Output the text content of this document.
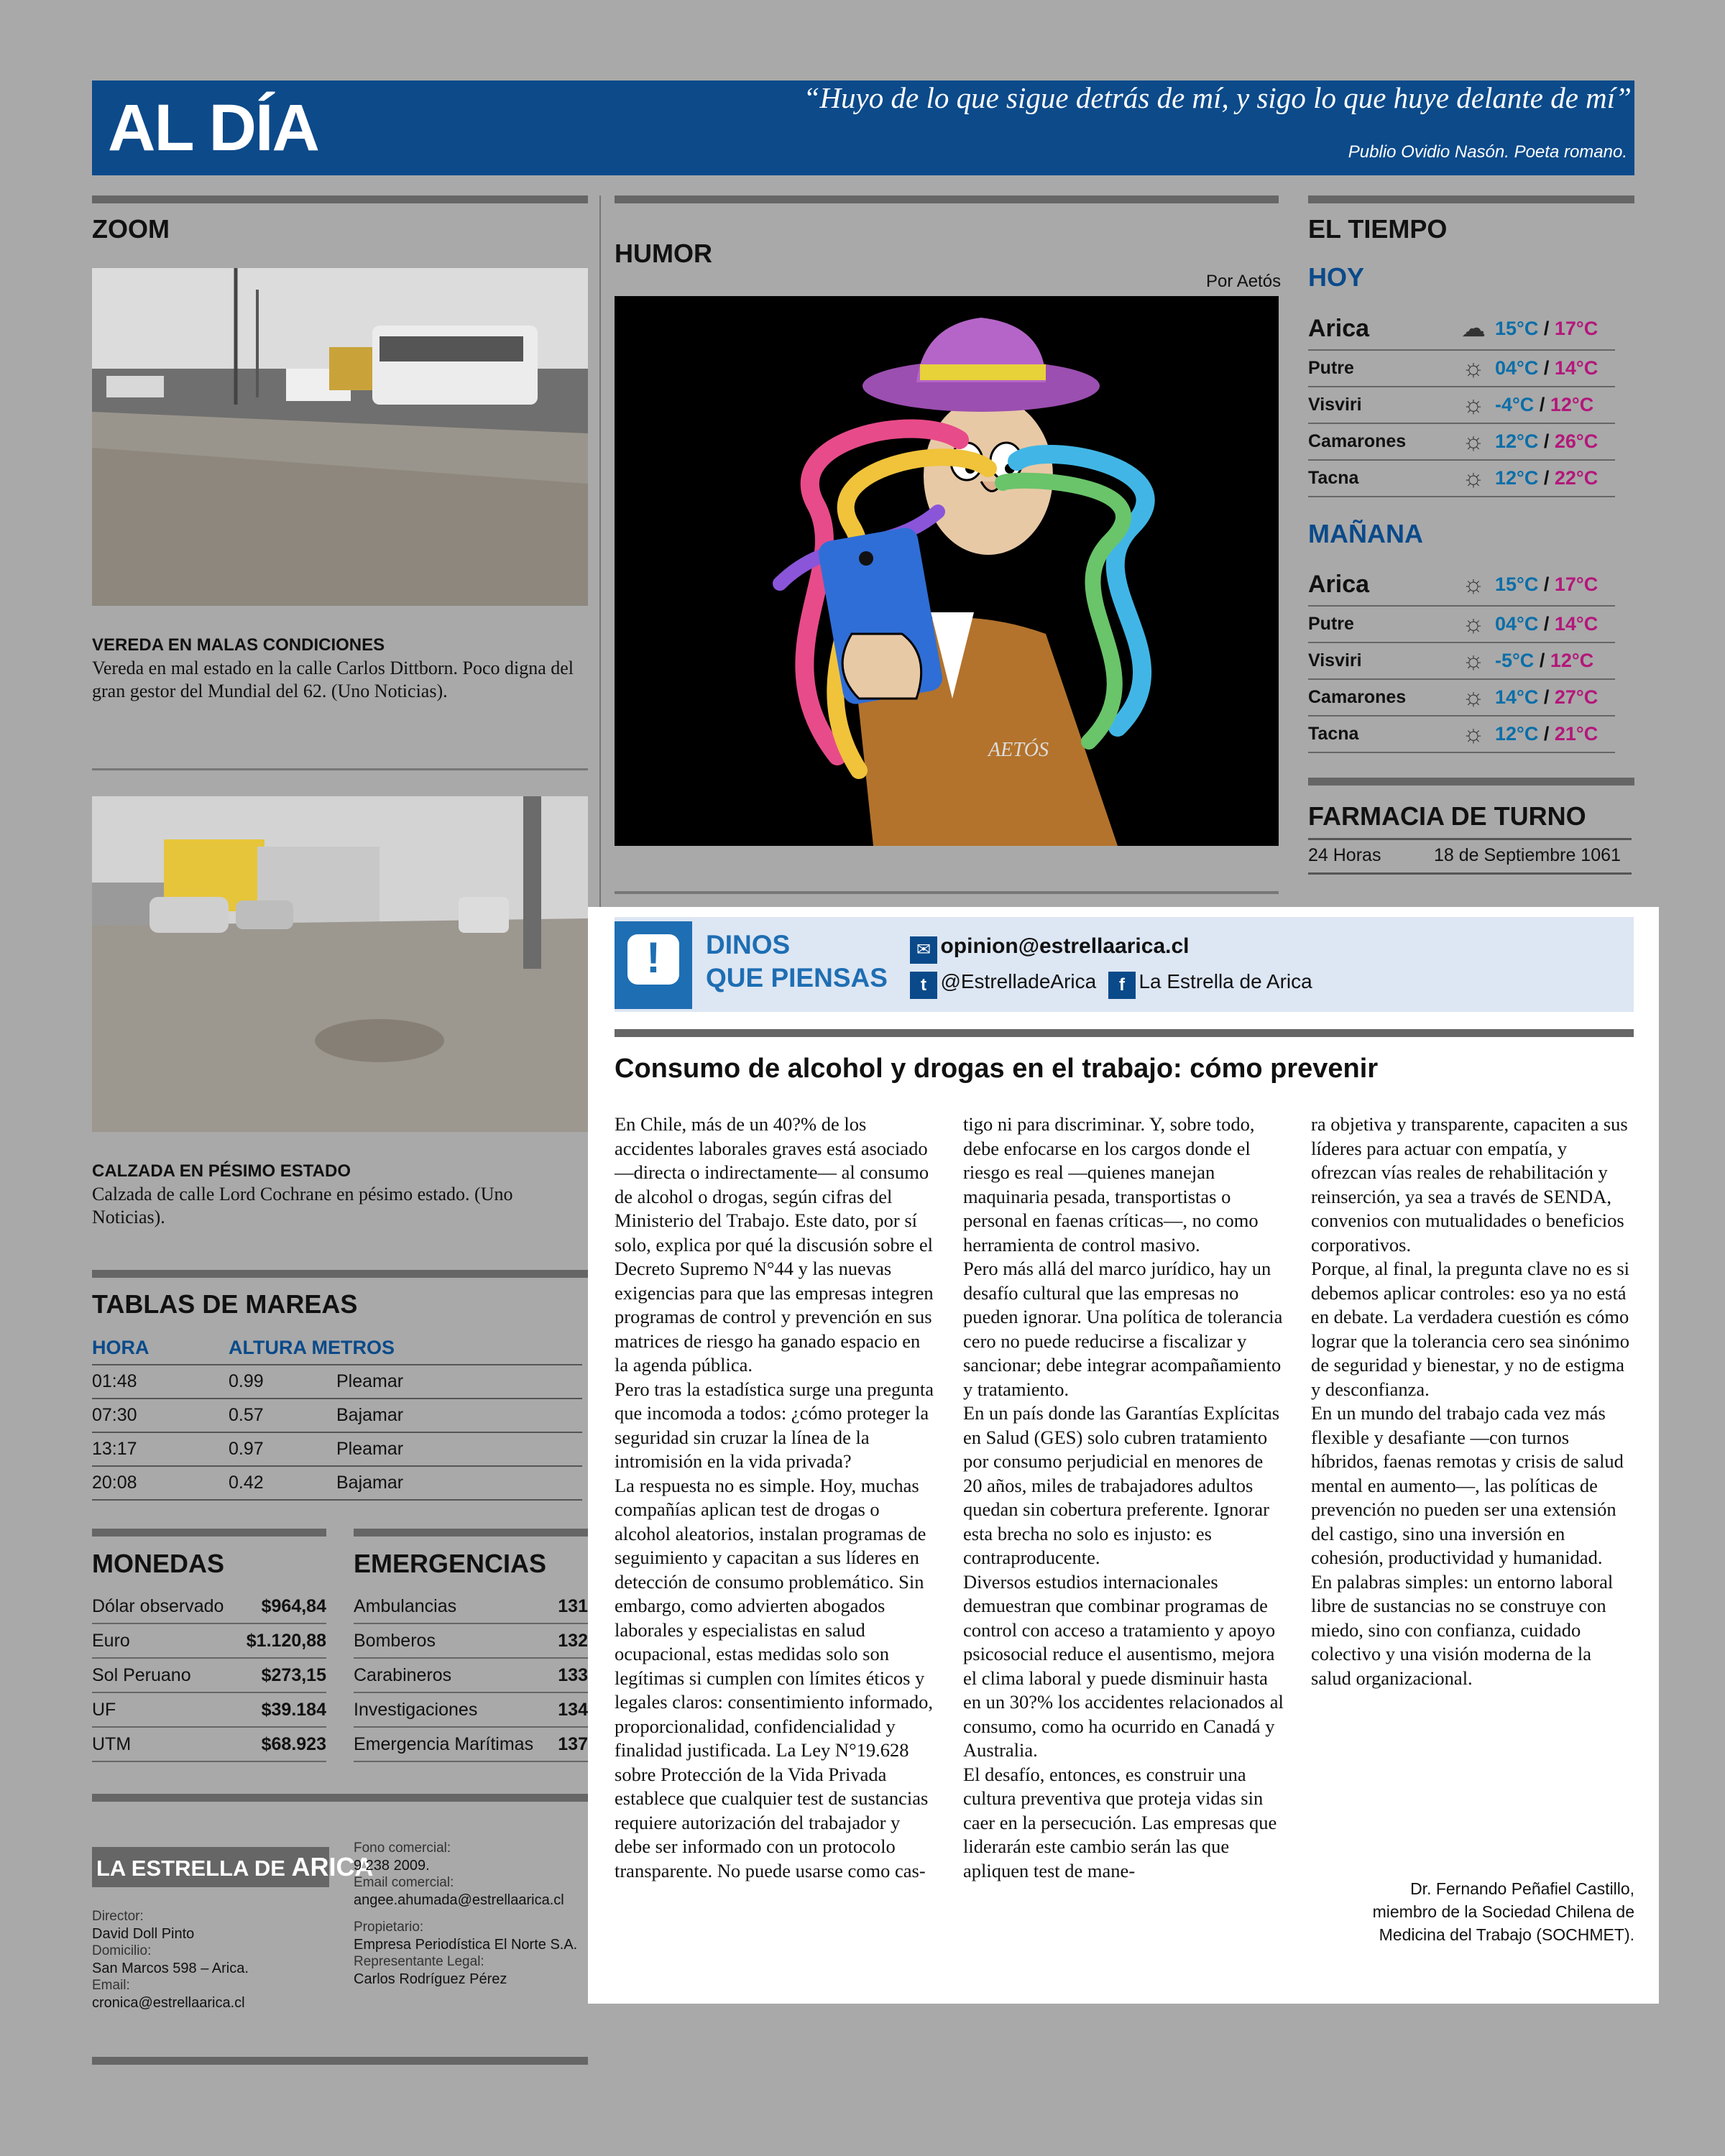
AL DÍA	“Huyo de lo que sigue detrás de mí, y sigo lo que huye delante de mí”
Publio Ovidio Nasón. Poeta romano.
ZOOM
VEREDA EN MALAS CONDICIONES
Vereda en mal estado en la calle Carlos Dittborn. Poco digna del gran gestor del Mundial del 62. (Uno Noticias).
CALZADA EN PÉSIMO ESTADO
Calzada de calle Lord Cochrane en pésimo estado. (Uno Noticias).
TABLAS DE MAREAS
HORA	ALTURA METROS	
01:48	0.99	Pleamar
07:30	0.57	Bajamar
13:17	0.97	Pleamar
20:08	0.42	Bajamar
MONEDAS
Dólar observado $964,84
Euro	$1.120,88
Sol Peruano	$273,15
UF	$39.184
UTM	$68.923
EMERGENCIAS
Ambulancias	131
Bomberos	132
Carabineros	133
Investigaciones	134
Emergencia Marítimas 137
LA ESTRELLA DE ARICA
Director:
David Doll Pinto
Domicilio:
San Marcos 598 – Arica.
Email:
cronica@estrellaarica.cl
Fono comercial:
9 238 2009.
Email comercial:
angee.ahumada@estrellaarica.cl
Propietario:
Empresa Periodística El Norte S.A.
Representante Legal:
Carlos Rodríguez Pérez
HUMOR
Por Aetós
AETÓS
EL TIEMPO
HOY
Arica	☁ 15°C / 17°C
Putre	☼ 04°C / 14°C
Visviri	☼ -4°C / 12°C
Camarones	☼ 12°C / 26°C
Tacna	☼ 12°C / 22°C
MAÑANA
Arica	☼ 15°C / 17°C
Putre	☼ 04°C / 14°C
Visviri	☼ -5°C / 12°C
Camarones	☼ 14°C / 27°C
Tacna	☼ 12°C / 21°C
FARMACIA DE TURNO
24 Horas	18 de Septiembre 1061
!	DINOS
QUE PIENSAS
✉ opinion@estrellaarica.cl
t @EstrelladeArica	f La Estrella de Arica
Consumo de alcohol y drogas en el trabajo: cómo prevenir

En Chile, más de un 40?% de los accidentes laborales graves está asociado —directa o indirectamente— al consumo de alcohol o drogas, según cifras del Ministerio del Trabajo. Este dato, por sí solo, explica por qué la discusión sobre el Decreto Supremo N°44 y las nuevas exigencias para que las empresas integren programas de control y prevención en sus matrices de riesgo ha ganado espacio en la agenda pública.

Pero tras la estadística surge una pregunta que incomoda a todos: ¿cómo proteger la seguridad sin cruzar la línea de la intromisión en la vida privada?

La respuesta no es simple. Hoy, muchas compañías aplican test de drogas o alcohol aleatorios, instalan programas de seguimiento y capacitan a sus líderes en detección de consumo problemático. Sin embargo, como advierten abogados laborales y especialistas en salud ocupacional, estas medidas solo son legítimas si cumplen con límites éticos y legales claros: consentimiento informado, proporcionalidad, confidencialidad y finalidad justificada. La Ley N°19.628 sobre Protección de la Vida Privada establece que cualquier test de sustancias requiere autorización del trabajador y debe ser informado con un protocolo transparente. No puede usarse como cas-

tigo ni para discriminar. Y, sobre todo, debe enfocarse en los cargos donde el riesgo es real —quienes manejan maquinaria pesada, transportistas o personal en faenas críticas—, no como herramienta de control masivo.

Pero más allá del marco jurídico, hay un desafío cultural que las empresas no pueden ignorar. Una política de tolerancia cero no puede reducirse a fiscalizar y sancionar; debe integrar acompañamiento y tratamiento.

En un país donde las Garantías Explícitas en Salud (GES) solo cubren tratamiento por consumo perjudicial en menores de 20 años, miles de trabajadores adultos quedan sin cobertura preferente. Ignorar esta brecha no solo es injusto: es contraproducente.

Diversos estudios internacionales demuestran que combinar programas de control con acceso a tratamiento y apoyo psicosocial reduce el ausentismo, mejora el clima laboral y puede disminuir hasta en un 30?% los accidentes relacionados al consumo, como ha ocurrido en Canadá y Australia.

El desafío, entonces, es construir una cultura preventiva que proteja vidas sin caer en la persecución. Las empresas que liderarán este cambio serán las que apliquen test de mane-

ra objetiva y transparente, capaciten a sus líderes para actuar con empatía, y ofrezcan vías reales de rehabilitación y reinserción, ya sea a través de SENDA, convenios con mutualidades o beneficios corporativos.

Porque, al final, la pregunta clave no es si debemos aplicar controles: eso ya no está en debate. La verdadera cuestión es cómo lograr que la tolerancia cero sea sinónimo de seguridad y bienestar, y no de estigma y desconfianza.

En un mundo del trabajo cada vez más flexible y desafiante —con turnos híbridos, faenas remotas y crisis de salud mental en aumento—, las políticas de prevención no pueden ser una extensión del castigo, sino una inversión en cohesión, productividad y humanidad.

En palabras simples: un entorno laboral libre de sustancias no se construye con miedo, sino con confianza, cuidado colectivo y una visión moderna de la salud organizacional.

Dr. Fernando Peñafiel Castillo,
miembro de la Sociedad Chilena de
Medicina del Trabajo (SOCHMET).
